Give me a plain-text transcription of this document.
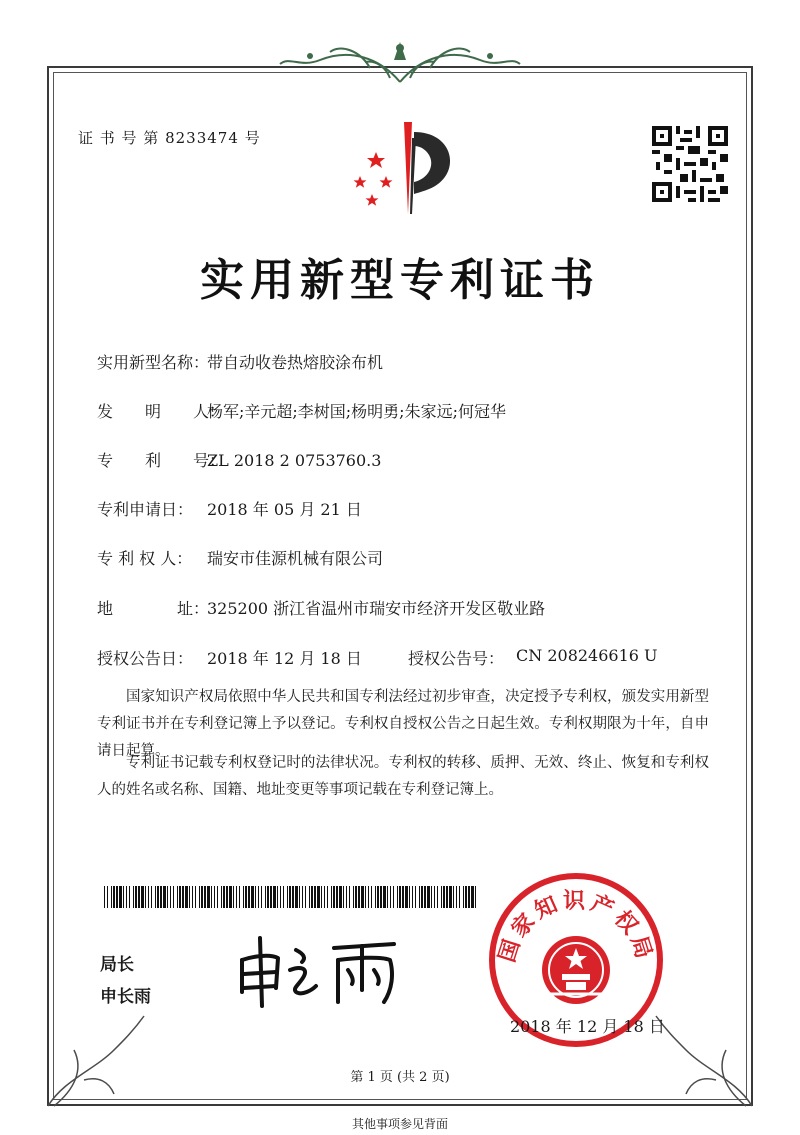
证 书 号 第 8233474 号
实用新型专利证书
实用新型名称：带自动收卷热熔胶涂布机
发　　明　　人：杨军;辛元超;李树国;杨明勇;朱家远;何冠华
专　　利　　号：ZL 2018 2 0753760.3
专利申请日： 2018 年 05 月 21 日
专 利 权 人： 瑞安市佳源机械有限公司
地　　　　址：325200 浙江省温州市瑞安市经济开发区敬业路
授权公告日： 2018 年 12 月 18 日	授权公告号： CN 208246616 U
国家知识产权局依照中华人民共和国专利法经过初步审查，决定授予专利权，颁发实用新型专利证书并在专利登记簿上予以登记。专利权自授权公告之日起生效。专利权期限为十年，自申请日起算。
专利证书记载专利权登记时的法律状况。专利权的转移、质押、无效、终止、恢复和专利权人的姓名或名称、国籍、地址变更等事项记载在专利登记簿上。
局长
申长雨
国家知识产权局
2018 年 12 月 18 日
第 1 页 (共 2 页)
其他事项参见背面
